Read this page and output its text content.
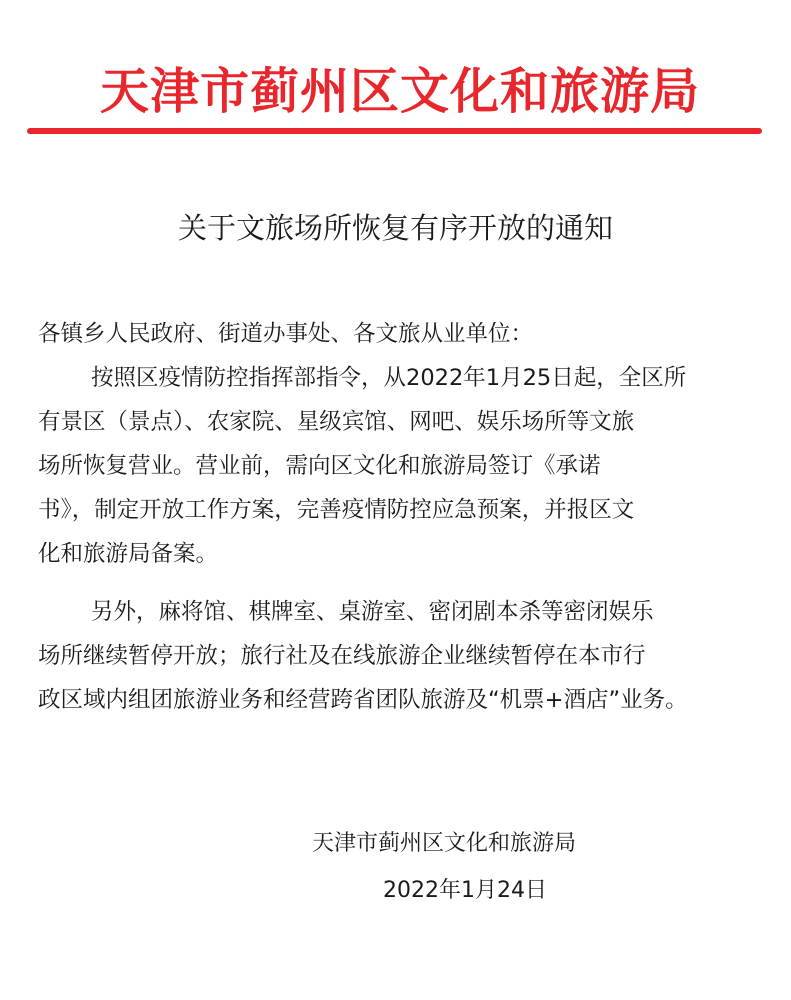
天津市蓟州区文化和旅游局
关于文旅场所恢复有序开放的通知
各镇乡人民政府、街道办事处、各文旅从业单位：
按照区疫情防控指挥部指令，从2022年1月25日起，全区所
有景区（景点）、农家院、星级宾馆、网吧、娱乐场所等文旅
场所恢复营业。营业前，需向区文化和旅游局签订《承诺
书》，制定开放工作方案，完善疫情防控应急预案，并报区文
化和旅游局备案。
另外，麻将馆、棋牌室、桌游室、密闭剧本杀等密闭娱乐
场所继续暂停开放；旅行社及在线旅游企业继续暂停在本市行
政区域内组团旅游业务和经营跨省团队旅游及“机票+酒店”业务。
天津市蓟州区文化和旅游局
2022年1月24日
